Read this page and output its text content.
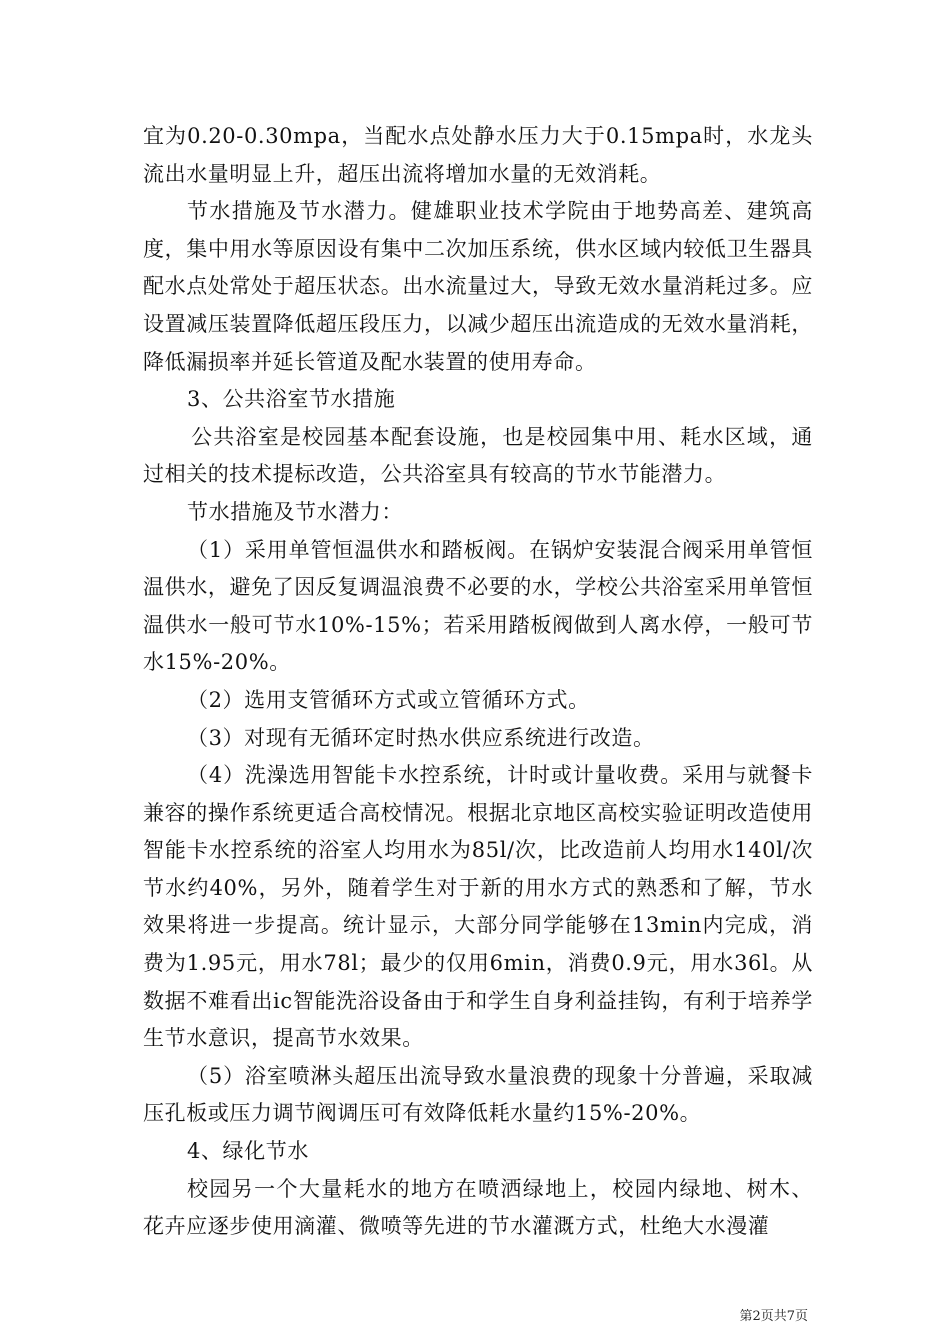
宜为0.20-0.30mpa，当配水点处静水压力大于0.15mpa时，水龙头流出水量明显上升，超压出流将增加水量的无效消耗。

节水措施及节水潜力。健雄职业技术学院由于地势高差、建筑高度，集中用水等原因设有集中二次加压系统，供水区域内较低卫生器具配水点处常处于超压状态。出水流量过大，导致无效水量消耗过多。应设置减压装置降低超压段压力，以减少超压出流造成的无效水量消耗，降低漏损率并延长管道及配水装置的使用寿命。

3、公共浴室节水措施

公共浴室是校园基本配套设施，也是校园集中用、耗水区域，通过相关的技术提标改造，公共浴室具有较高的节水节能潜力。

节水措施及节水潜力：

（1）采用单管恒温供水和踏板阀。在锅炉安装混合阀采用单管恒温供水，避免了因反复调温浪费不必要的水，学校公共浴室采用单管恒温供水一般可节水10%-15%；若采用踏板阀做到人离水停，一般可节水15%-20%。

（2）选用支管循环方式或立管循环方式。

（3）对现有无循环定时热水供应系统进行改造。

（4）洗澡选用智能卡水控系统，计时或计量收费。采用与就餐卡兼容的操作系统更适合高校情况。根据北京地区高校实验证明改造使用智能卡水控系统的浴室人均用水为85l/次，比改造前人均用水140l/次节水约40%，另外，随着学生对于新的用水方式的熟悉和了解，节水效果将进一步提高。统计显示，大部分同学能够在13min内完成，消费为1.95元，用水78l；最少的仅用6min，消费0.9元，用水36l。从数据不难看出ic智能洗浴设备由于和学生自身利益挂钩，有利于培养学生节水意识，提高节水效果。

（5）浴室喷淋头超压出流导致水量浪费的现象十分普遍，采取减压孔板或压力调节阀调压可有效降低耗水量约15%-20%。

4、绿化节水

校园另一个大量耗水的地方在喷洒绿地上，校园内绿地、树木、花卉应逐步使用滴灌、微喷等先进的节水灌溉方式，杜绝大水漫灌

第2页共7页
